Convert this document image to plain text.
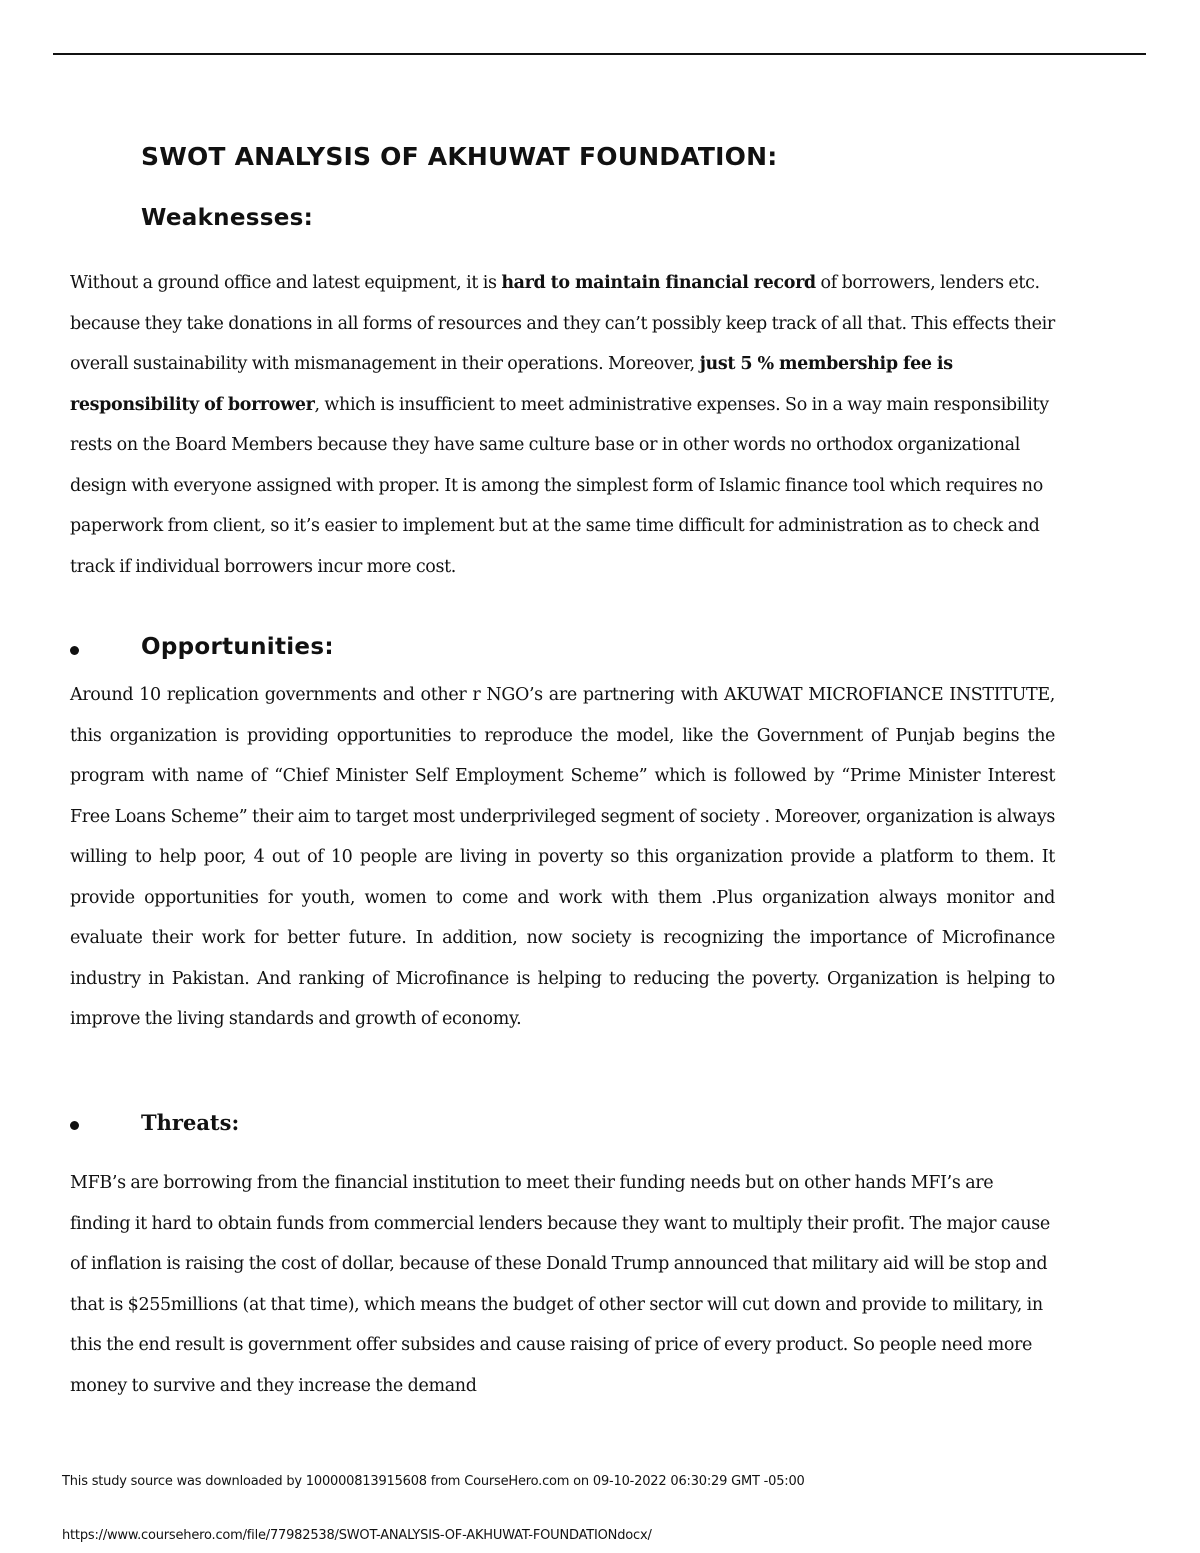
SWOT ANALYSIS OF AKHUWAT FOUNDATION:
Weaknesses:

Without a ground office and latest equipment, it is hard to maintain financial record of borrowers, lenders etc. because they take donations in all forms of resources and they can’t possibly keep track of all that. This effects their overall sustainability with mismanagement in their operations. Moreover, just 5 % membership fee is responsibility of borrower, which is insufficient to meet administrative expenses. So in a way main responsibility rests on the Board Members because they have same culture base or in other words no orthodox organizational design with everyone assigned with proper. It is among the simplest form of Islamic finance tool which requires no paperwork from client, so it’s easier to implement but at the same time difficult for administration as to check and track if individual borrowers incur more cost.

Opportunities:

Around 10 replication governments and other r NGO’s are partnering with AKUWAT MICROFIANCE INSTITUTE, this organization is providing opportunities to reproduce the model, like the Government of Punjab begins the program with name of “Chief Minister Self Employment Scheme” which is followed by “Prime Minister Interest Free Loans Scheme” their aim to target most underprivileged segment of society . Moreover, organization is always willing to help poor, 4 out of 10 people are living in poverty so this organization provide a platform to them. It provide opportunities for youth, women to come and work with them .Plus organization always monitor and evaluate their work for better future. In addition, now society is recognizing the importance of Microfinance industry in Pakistan. And ranking of Microfinance is helping to reducing the poverty. Organization is helping to improve the living standards and growth of economy.

Threats:

MFB’s are borrowing from the financial institution to meet their funding needs but on other hands MFI’s are finding it hard to obtain funds from commercial lenders because they want to multiply their profit. The major cause of inflation is raising the cost of dollar, because of these Donald Trump announced that military aid will be stop and that is $255millions (at that time), which means the budget of other sector will cut down and provide to military, in this the end result is government offer subsides and cause raising of price of every product. So people need more money to survive and they increase the demand

This study source was downloaded by 100000813915608 from CourseHero.com on 09-10-2022 06:30:29 GMT -05:00

https://www.coursehero.com/file/77982538/SWOT-ANALYSIS-OF-AKHUWAT-FOUNDATIONdocx/
